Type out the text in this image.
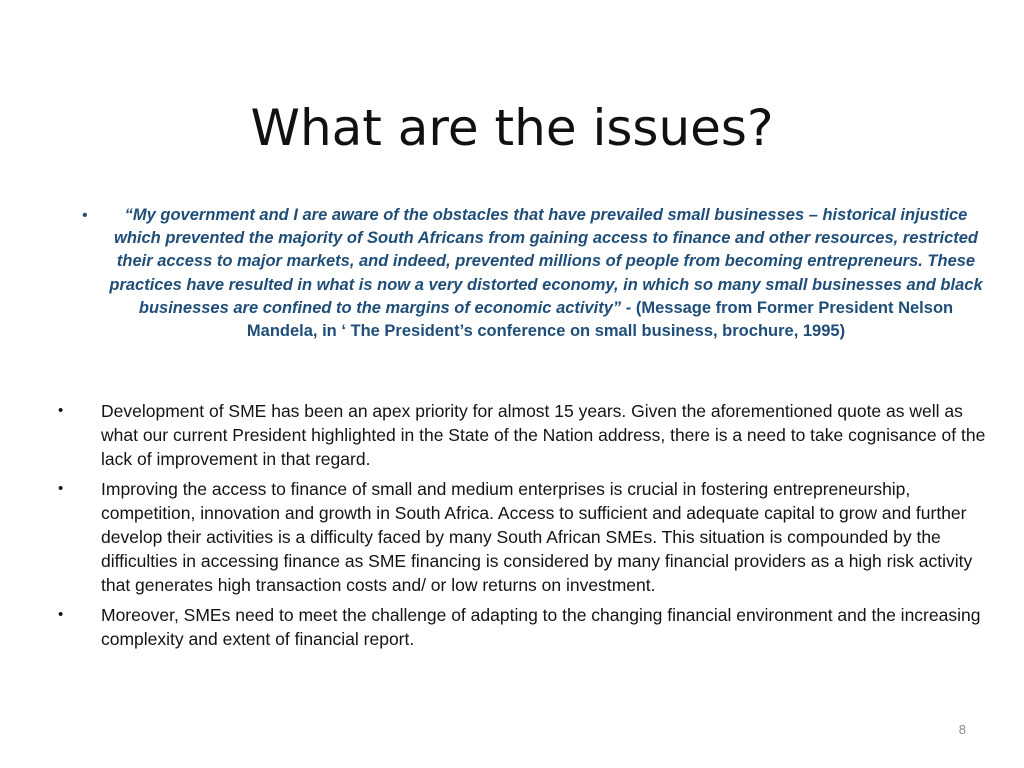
What are the issues?
•	“My government and I are aware of the obstacles that have prevailed small businesses – historical injustice which prevented the majority of South Africans from gaining access to finance and other resources, restricted their access to major markets, and indeed, prevented millions of people from becoming entrepreneurs. These practices have resulted in what is now a very distorted economy, in which so many small businesses and black businesses are confined to the margins of economic activity” - (Message from Former President Nelson Mandela, in ‘ The President’s conference on small business, brochure, 1995)
• Development of SME has been an apex priority for almost 15 years. Given the aforementioned quote as well as what our current President highlighted in the State of the Nation address, there is a need to take cognisance of the lack of improvement in that regard.
• Improving the access to finance of small and medium enterprises is crucial in fostering entrepreneurship, competition, innovation and growth in South Africa. Access to sufficient and adequate capital to grow and further develop their activities is a difficulty faced by many South African SMEs. This situation is compounded by the difficulties in accessing finance as SME financing is considered by many financial providers as a high risk activity that generates high transaction costs and/ or low returns on investment.
• Moreover, SMEs need to meet the challenge of adapting to the changing financial environment and the increasing complexity and extent of financial report.
8
